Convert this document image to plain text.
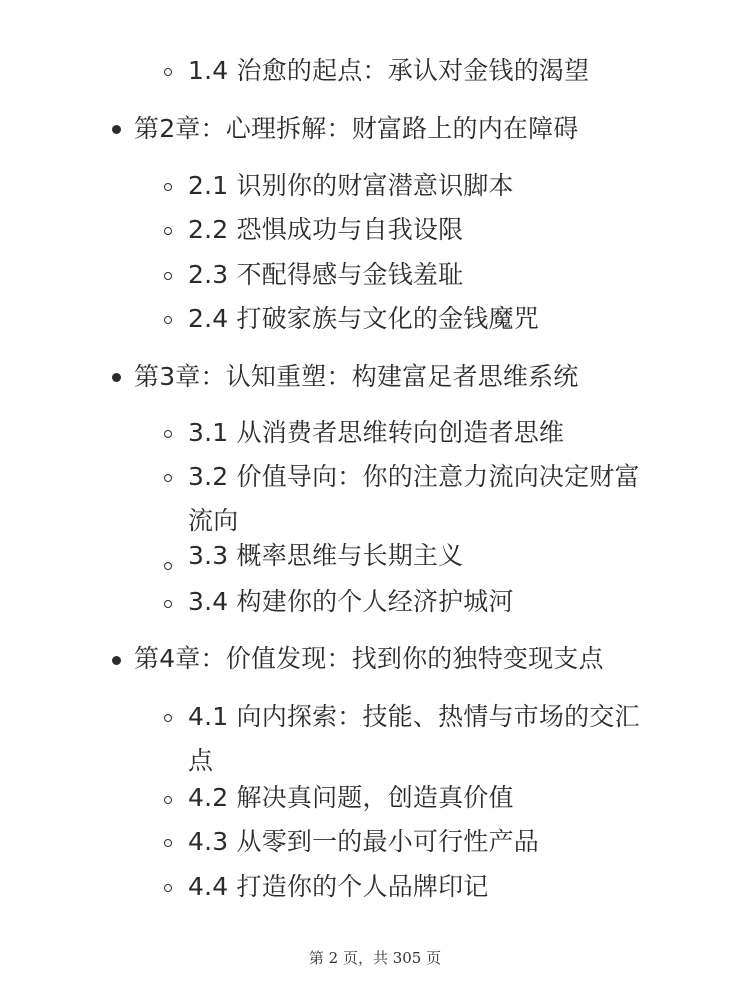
1.4 治愈的起点：承认对金钱的渴望
第2章：心理拆解：财富路上的内在障碍
2.1 识别你的财富潜意识脚本
2.2 恐惧成功与自我设限
2.3 不配得感与金钱羞耻
2.4 打破家族与文化的金钱魔咒
第3章：认知重塑：构建富足者思维系统
3.1 从消费者思维转向创造者思维
3.2 价值导向：你的注意力流向决定财富流向
3.3 概率思维与长期主义
3.4 构建你的个人经济护城河
第4章：价值发现：找到你的独特变现支点
4.1 向内探索：技能、热情与市场的交汇点
4.2 解决真问题，创造真价值
4.3 从零到一的最小可行性产品
4.4 打造你的个人品牌印记
第 2 页，共 305 页
